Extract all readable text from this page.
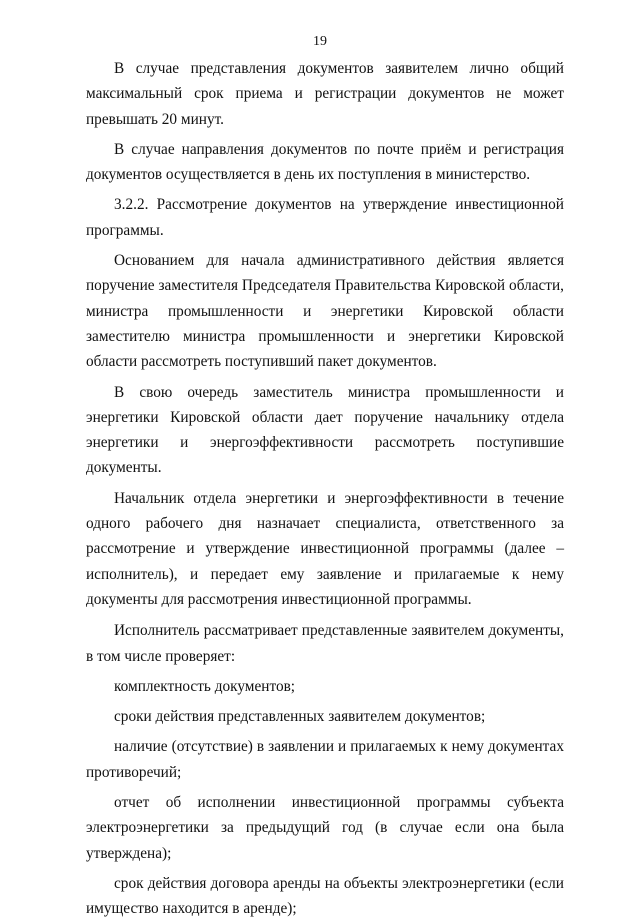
19

В случае представления документов заявителем лично общий максимальный срок приема и регистрации документов не может превышать 20 минут.

В случае направления документов по почте приём и регистрация документов осуществляется в день их поступления в министерство.

3.2.2. Рассмотрение документов на утверждение инвестиционной программы.

Основанием для начала административного действия является поручение заместителя Председателя Правительства Кировской области, министра промышленности и энергетики Кировской области заместителю министра промышленности и энергетики Кировской области рассмотреть поступивший пакет документов.

В свою очередь заместитель министра промышленности и энергетики Кировской области дает поручение начальнику отдела энергетики и энергоэффективности рассмотреть поступившие документы.

Начальник отдела энергетики и энергоэффективности в течение одного рабочего дня назначает специалиста, ответственного за рассмотрение и утверждение инвестиционной программы (далее – исполнитель), и передает ему заявление и прилагаемые к нему документы для рассмотрения инвестиционной программы.

Исполнитель рассматривает представленные заявителем документы, в том числе проверяет:

комплектность документов;

сроки действия представленных заявителем документов;

наличие (отсутствие) в заявлении и прилагаемых к нему документах противоречий;

отчет об исполнении инвестиционной программы субъекта электроэнергетики за предыдущий год (в случае если она была утверждена);

срок действия договора аренды на объекты электроэнергетики (если имущество находится в аренде);
